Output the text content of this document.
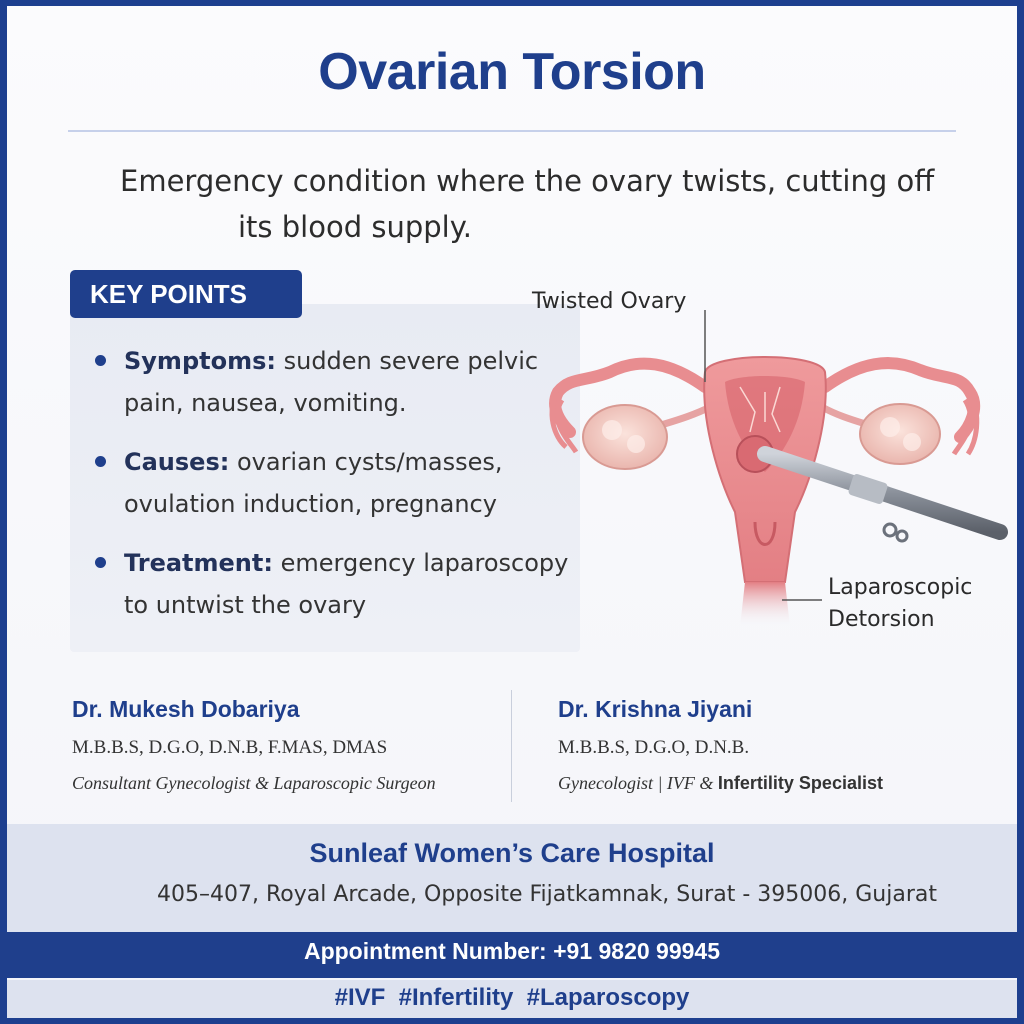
Ovarian Torsion
Emergency condition where the ovary twists, cutting off
its blood supply.
KEY POINTS
Symptoms: sudden severe pelvic
pain, nausea, vomiting.
Causes: ovarian cysts/masses,
ovulation induction, pregnancy
Treatment: emergency laparoscopy
to untwist the ovary
Twisted Ovary
Laparoscopic
Detorsion
Dr. Mukesh Dobariya
M.B.B.S, D.G.O, D.N.B, F.MAS, DMAS
Consultant Gynecologist & Laparoscopic Surgeon
Dr. Krishna Jiyani
M.B.B.S, D.G.O, D.N.B.
Gynecologist | IVF & Infertility Specialist
Sunleaf Women’s Care Hospital
405–407, Royal Arcade, Opposite Fijatkamnak, Surat - 395006, Gujarat
Appointment Number: +91 9820 99945
#IVF  #Infertility  #Laparoscopy
